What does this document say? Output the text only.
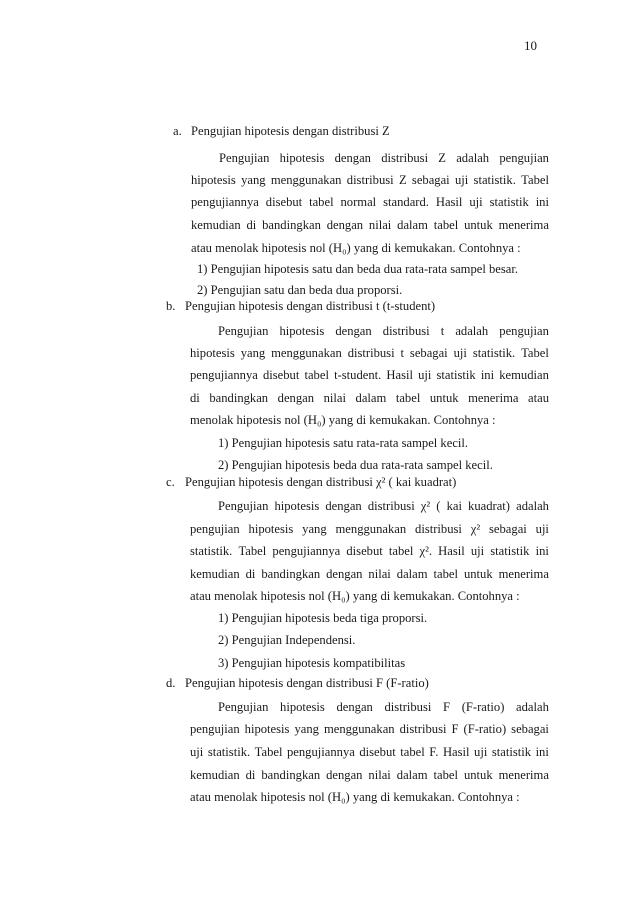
10
a. Pengujian hipotesis dengan distribusi Z
Pengujian hipotesis dengan distribusi Z adalah pengujian
hipotesis yang menggunakan distribusi Z sebagai uji statistik. Tabel
pengujiannya disebut tabel normal standard. Hasil uji statistik ini
kemudian di bandingkan dengan nilai dalam tabel untuk menerima
atau menolak hipotesis nol (H₀) yang di kemukakan. Contohnya :
1) Pengujian hipotesis satu dan beda dua rata-rata sampel besar.
2) Pengujian satu dan beda dua proporsi.
b. Pengujian hipotesis dengan distribusi t (t-student)
Pengujian hipotesis dengan distribusi t adalah pengujian
hipotesis yang menggunakan distribusi t sebagai uji statistik. Tabel
pengujiannya disebut tabel t-student. Hasil uji statistik ini kemudian
di bandingkan dengan nilai dalam tabel untuk menerima atau
menolak hipotesis nol (H₀) yang di kemukakan. Contohnya :
1) Pengujian hipotesis satu rata-rata sampel kecil.
2) Pengujian hipotesis beda dua rata-rata sampel kecil.
c. Pengujian hipotesis dengan distribusi χ² ( kai kuadrat)
Pengujian hipotesis dengan distribusi χ² ( kai kuadrat) adalah
pengujian hipotesis yang menggunakan distribusi χ² sebagai uji
statistik. Tabel pengujiannya disebut tabel χ². Hasil uji statistik ini
kemudian di bandingkan dengan nilai dalam tabel untuk menerima
atau menolak hipotesis nol (H₀) yang di kemukakan. Contohnya :
1) Pengujian hipotesis beda tiga proporsi.
2) Pengujian Independensi.
3) Pengujian hipotesis kompatibilitas
d. Pengujian hipotesis dengan distribusi F (F-ratio)
Pengujian hipotesis dengan distribusi F (F-ratio) adalah
pengujian hipotesis yang menggunakan distribusi F (F-ratio) sebagai
uji statistik. Tabel pengujiannya disebut tabel F. Hasil uji statistik ini
kemudian di bandingkan dengan nilai dalam tabel untuk menerima
atau menolak hipotesis nol (H₀) yang di kemukakan. Contohnya :
